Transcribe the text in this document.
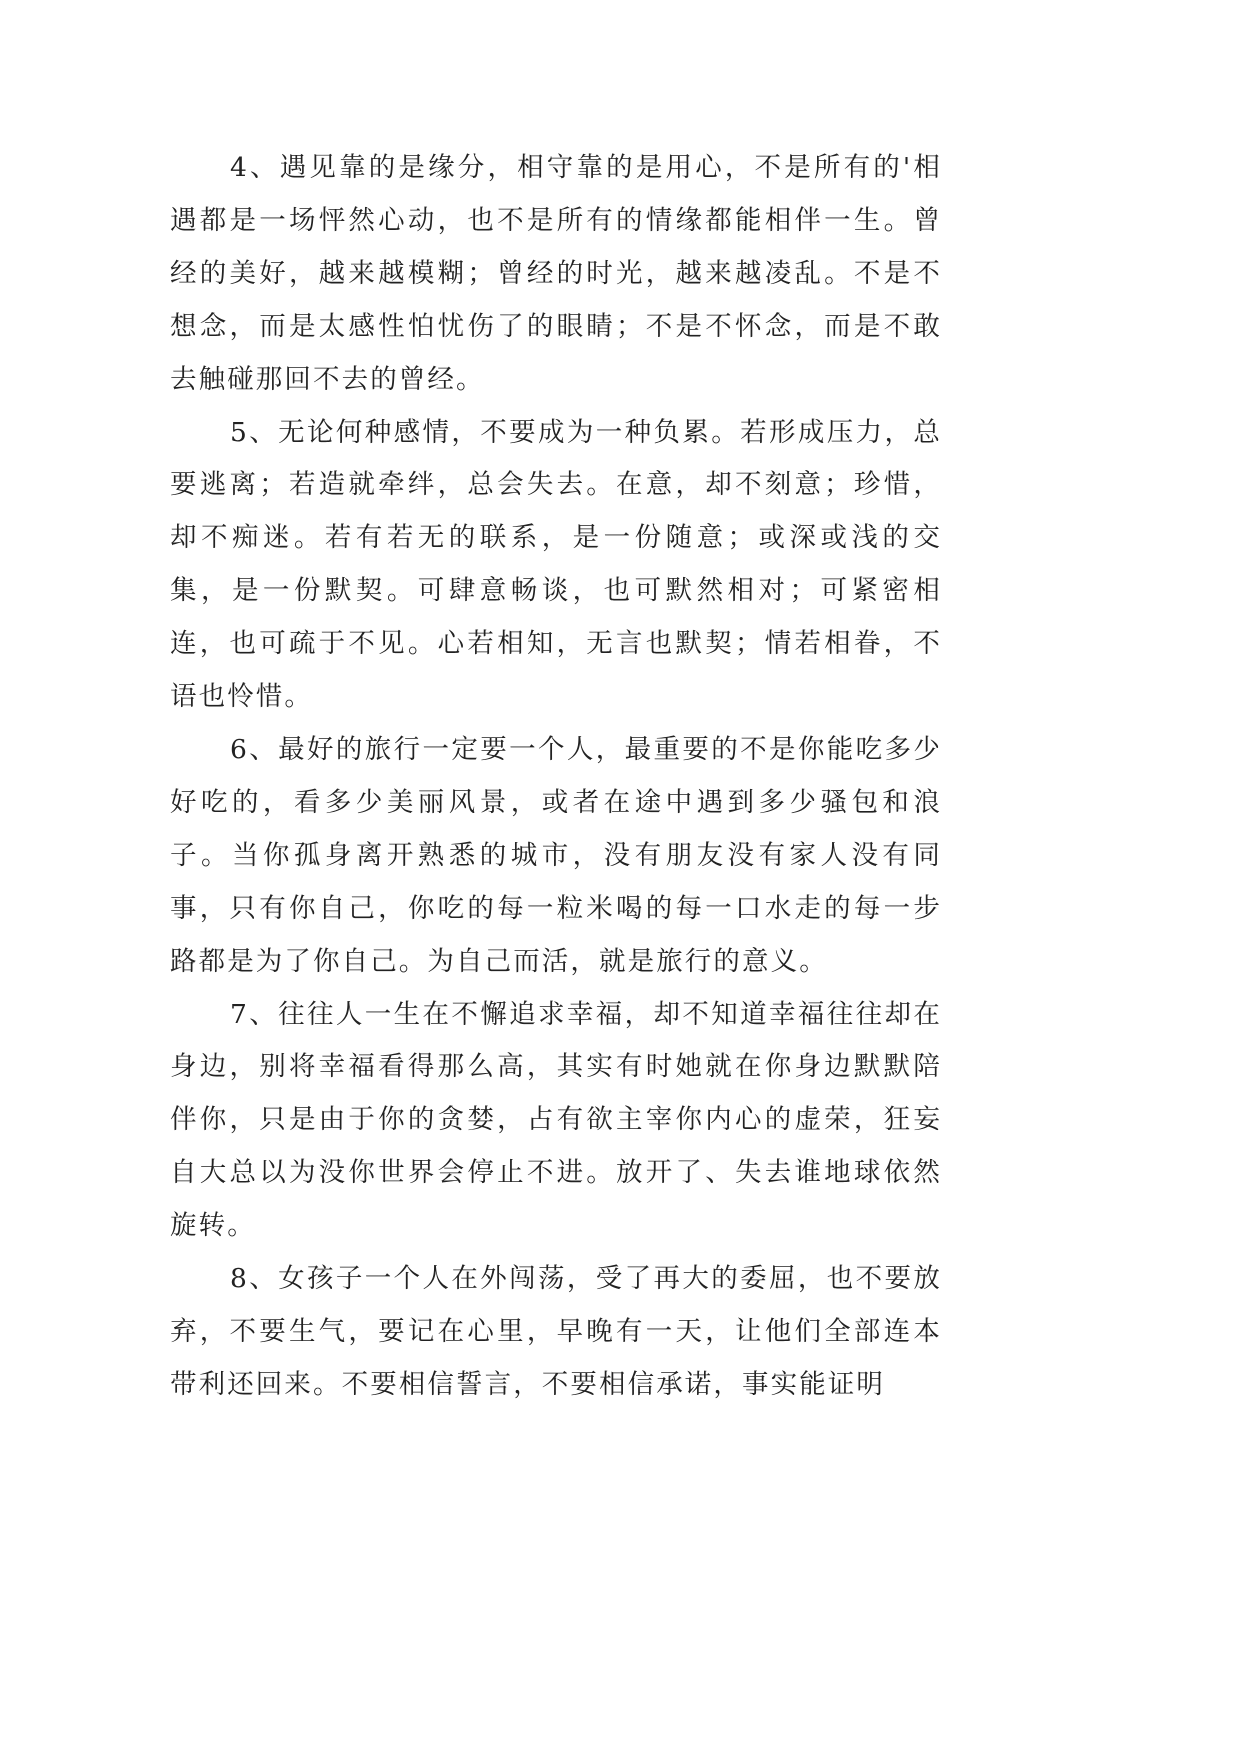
4、遇见靠的是缘分，相守靠的是用心，不是所有的'相遇都是一场怦然心动，也不是所有的情缘都能相伴一生。曾经的美好，越来越模糊；曾经的时光，越来越凌乱。不是不想念，而是太感性怕忧伤了的眼睛；不是不怀念，而是不敢去触碰那回不去的曾经。

5、无论何种感情，不要成为一种负累。若形成压力，总要逃离；若造就牵绊，总会失去。在意，却不刻意；珍惜，却不痴迷。若有若无的联系，是一份随意；或深或浅的交集，是一份默契。可肆意畅谈，也可默然相对；可紧密相连，也可疏于不见。心若相知，无言也默契；情若相眷，不语也怜惜。

6、最好的旅行一定要一个人，最重要的不是你能吃多少好吃的，看多少美丽风景，或者在途中遇到多少骚包和浪子。当你孤身离开熟悉的城市，没有朋友没有家人没有同事，只有你自己，你吃的每一粒米喝的每一口水走的每一步路都是为了你自己。为自己而活，就是旅行的意义。

7、往往人一生在不懈追求幸福，却不知道幸福往往却在身边，别将幸福看得那么高，其实有时她就在你身边默默陪伴你，只是由于你的贪婪，占有欲主宰你内心的虚荣，狂妄自大总以为没你世界会停止不进。放开了、失去谁地球依然旋转。

8、女孩子一个人在外闯荡，受了再大的委屈，也不要放弃，不要生气，要记在心里，早晚有一天，让他们全部连本带利还回来。不要相信誓言，不要相信承诺，事实能证明
